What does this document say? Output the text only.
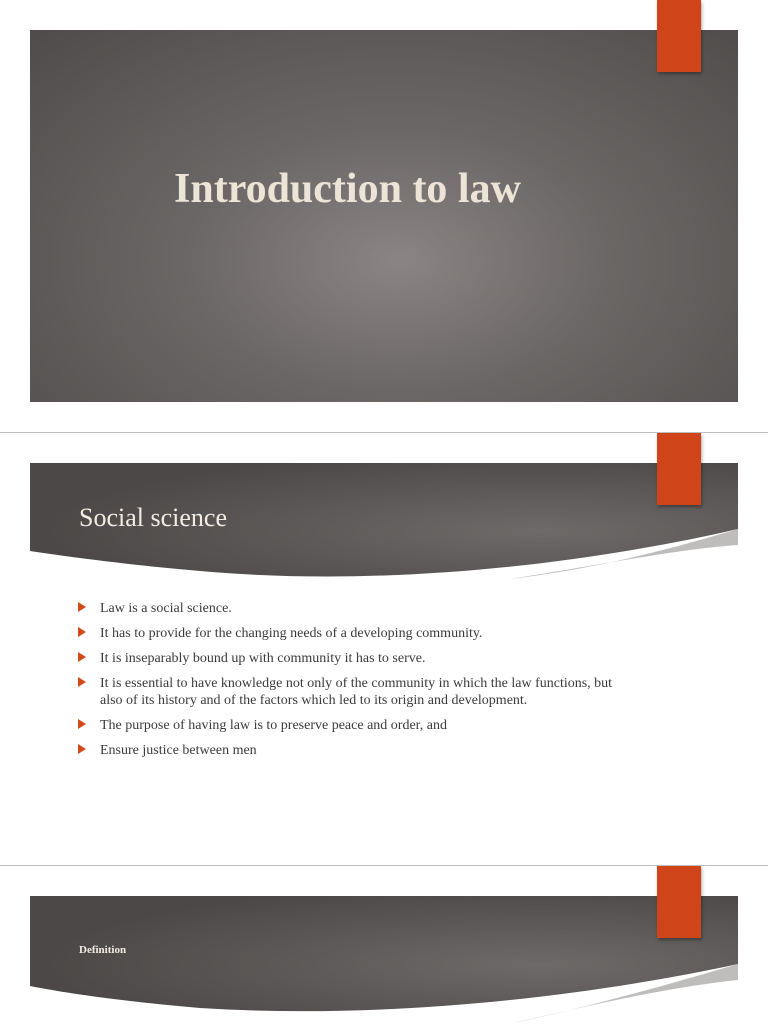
Introduction to law
Social science
Law is a social science.
It has to provide for the changing needs of a developing community.
It is inseparably bound up with community it has to serve.
It is essential to have knowledge not only of the community in which the law functions, but also of its history and of the factors which led to its origin and development.
The purpose of having law is to preserve peace and order, and
Ensure justice between men
Definition
